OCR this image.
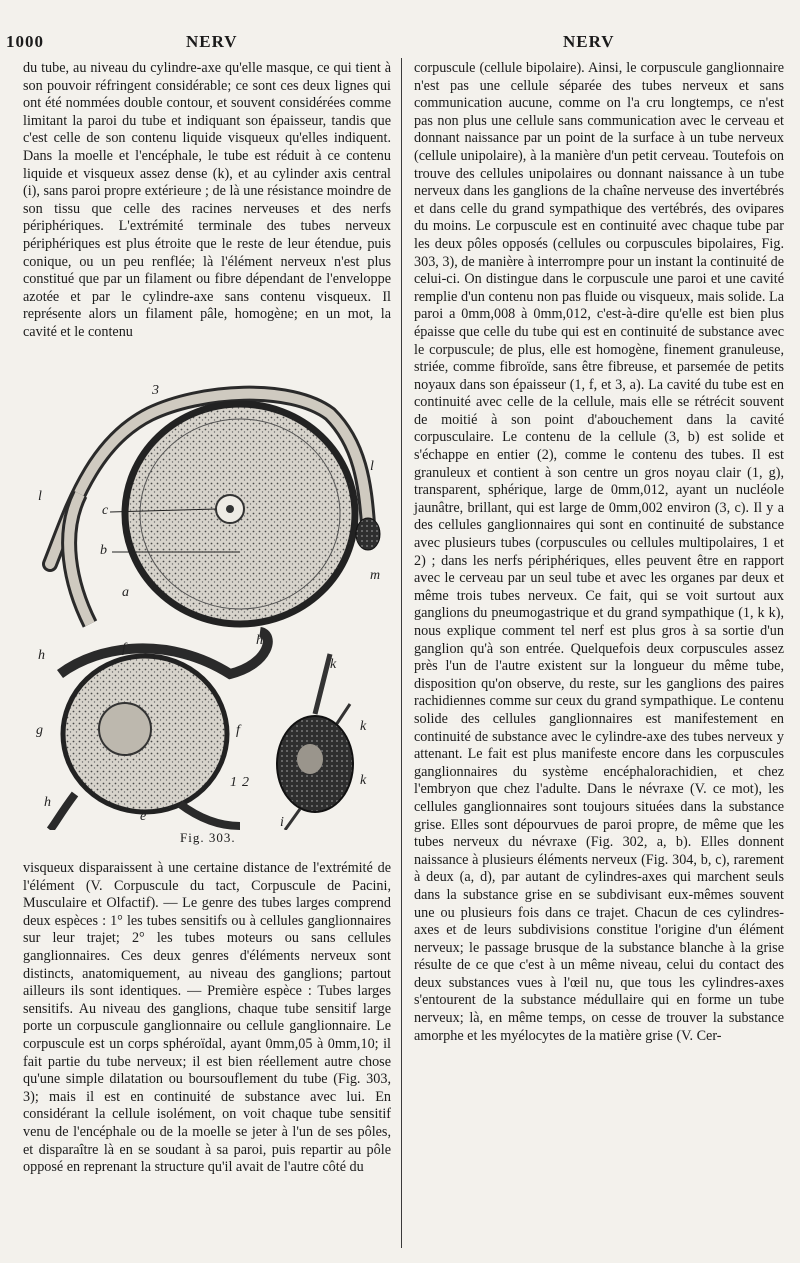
1000	NERV	NERV

du tube, au niveau du cylindre-axe qu'elle masque, ce qui tient à son pouvoir réfringent considérable; ce sont ces deux lignes qui ont été nommées double contour, et souvent considérées comme limitant la paroi du tube et indiquant son épaisseur, tandis que c'est celle de son contenu liquide visqueux qu'elles indiquent. Dans la moelle et l'encéphale, le tube est réduit à ce contenu liquide et visqueux assez dense (k), et au cylinder axis central (i), sans paroi propre extérieure ; de là une résistance moindre de son tissu que celle des racines nerveuses et des nerfs périphériques. L'extrémité terminale des tubes nerveux périphériques est plus étroite que le reste de leur étendue, puis conique, ou un peu renflée; là l'élément nerveux n'est plus constitué que par un filament ou fibre dépendant de l'enveloppe azotée et par le cylindre-axe sans contenu visqueux. Il représente alors un filament pâle, homogène; en un mot, la cavité et le contenu

3
l
l
c
b
a
m
h
f
h
g	f
h
e
1 2
k
k
k
i
Fig. 303.

visqueux disparaissent à une certaine distance de l'extrémité de l'élément (V. Corpuscule du tact, Corpuscule de Pacini, Musculaire et Olfactif). — Le genre des tubes larges comprend deux espèces : 1° les tubes sensitifs ou à cellules ganglionnaires sur leur trajet; 2° les tubes moteurs ou sans cellules ganglionnaires. Ces deux genres d'éléments nerveux sont distincts, anatomiquement, au niveau des ganglions; partout ailleurs ils sont identiques. — Première espèce : Tubes larges sensitifs. Au niveau des ganglions, chaque tube sensitif large porte un corpuscule ganglionnaire ou cellule ganglionnaire. Le corpuscule est un corps sphéroïdal, ayant 0mm,05 à 0mm,10; il fait partie du tube nerveux; il est bien réellement autre chose qu'une simple dilatation ou boursouflement du tube (Fig. 303, 3); mais il est en continuité de substance avec lui. En considérant la cellule isolément, on voit chaque tube sensitif venu de l'encéphale ou de la moelle se jeter à l'un de ses pôles, et disparaître là en se soudant à sa paroi, puis repartir au pôle opposé en reprenant la structure qu'il avait de l'autre côté du

corpuscule (cellule bipolaire). Ainsi, le corpuscule ganglionnaire n'est pas une cellule séparée des tubes nerveux et sans communication aucune, comme on l'a cru longtemps, ce n'est pas non plus une cellule sans communication avec le cerveau et donnant naissance par un point de la surface à un tube nerveux (cellule unipolaire), à la manière d'un petit cerveau. Toutefois on trouve des cellules unipolaires ou donnant naissance à un tube nerveux dans les ganglions de la chaîne nerveuse des invertébrés et dans celle du grand sympathique des vertébrés, des ovipares du moins. Le corpuscule est en continuité avec chaque tube par les deux pôles opposés (cellules ou corpuscules bipolaires, Fig. 303, 3), de manière à interrompre pour un instant la continuité de celui-ci. On distingue dans le corpuscule une paroi et une cavité remplie d'un contenu non pas fluide ou visqueux, mais solide. La paroi a 0mm,008 à 0mm,012, c'est-à-dire qu'elle est bien plus épaisse que celle du tube qui est en continuité de substance avec le corpuscule; de plus, elle est homogène, finement granuleuse, striée, comme fibroïde, sans être fibreuse, et parsemée de petits noyaux dans son épaisseur (1, f, et 3, a). La cavité du tube est en continuité avec celle de la cellule, mais elle se rétrécit souvent de moitié à son point d'abouchement dans la cavité corpusculaire. Le contenu de la cellule (3, b) est solide et s'échappe en entier (2), comme le contenu des tubes. Il est granuleux et contient à son centre un gros noyau clair (1, g), transparent, sphérique, large de 0mm,012, ayant un nucléole jaunâtre, brillant, qui est large de 0mm,002 environ (3, c). Il y a des cellules ganglionnaires qui sont en continuité de substance avec plusieurs tubes (corpuscules ou cellules multipolaires, 1 et 2) ; dans les nerfs périphériques, elles peuvent être en rapport avec le cerveau par un seul tube et avec les organes par deux et même trois tubes nerveux. Ce fait, qui se voit surtout aux ganglions du pneumogastrique et du grand sympathique (1, k k), nous explique comment tel nerf est plus gros à sa sortie d'un ganglion qu'à son entrée. Quelquefois deux corpuscules assez près l'un de l'autre existent sur la longueur du même tube, disposition qu'on observe, du reste, sur les ganglions des paires rachidiennes comme sur ceux du grand sympathique. Le contenu solide des cellules ganglionnaires est manifestement en continuité de substance avec le cylindre-axe des tubes nerveux y attenant. Le fait est plus manifeste encore dans les corpuscules ganglionnaires du système encéphalorachidien, et chez l'embryon que chez l'adulte. Dans le névraxe (V. ce mot), les cellules ganglionnaires sont toujours situées dans la substance grise. Elles sont dépourvues de paroi propre, de même que les tubes nerveux du névraxe (Fig. 302, a, b). Elles donnent naissance à plusieurs éléments nerveux (Fig. 304, b, c), rarement à deux (a, d), par autant de cylindres-axes qui marchent seuls dans la substance grise en se subdivisant eux-mêmes souvent une ou plusieurs fois dans ce trajet. Chacun de ces cylindres-axes et de leurs subdivisions constitue l'origine d'un élément nerveux; le passage brusque de la substance blanche à la grise résulte de ce que c'est à un même niveau, celui du contact des deux substances vues à l'œil nu, que tous les cylindres-axes s'entourent de la substance médullaire qui en forme un tube nerveux; là, en même temps, on cesse de trouver la substance amorphe et les myélocytes de la matière grise (V. Cer-
